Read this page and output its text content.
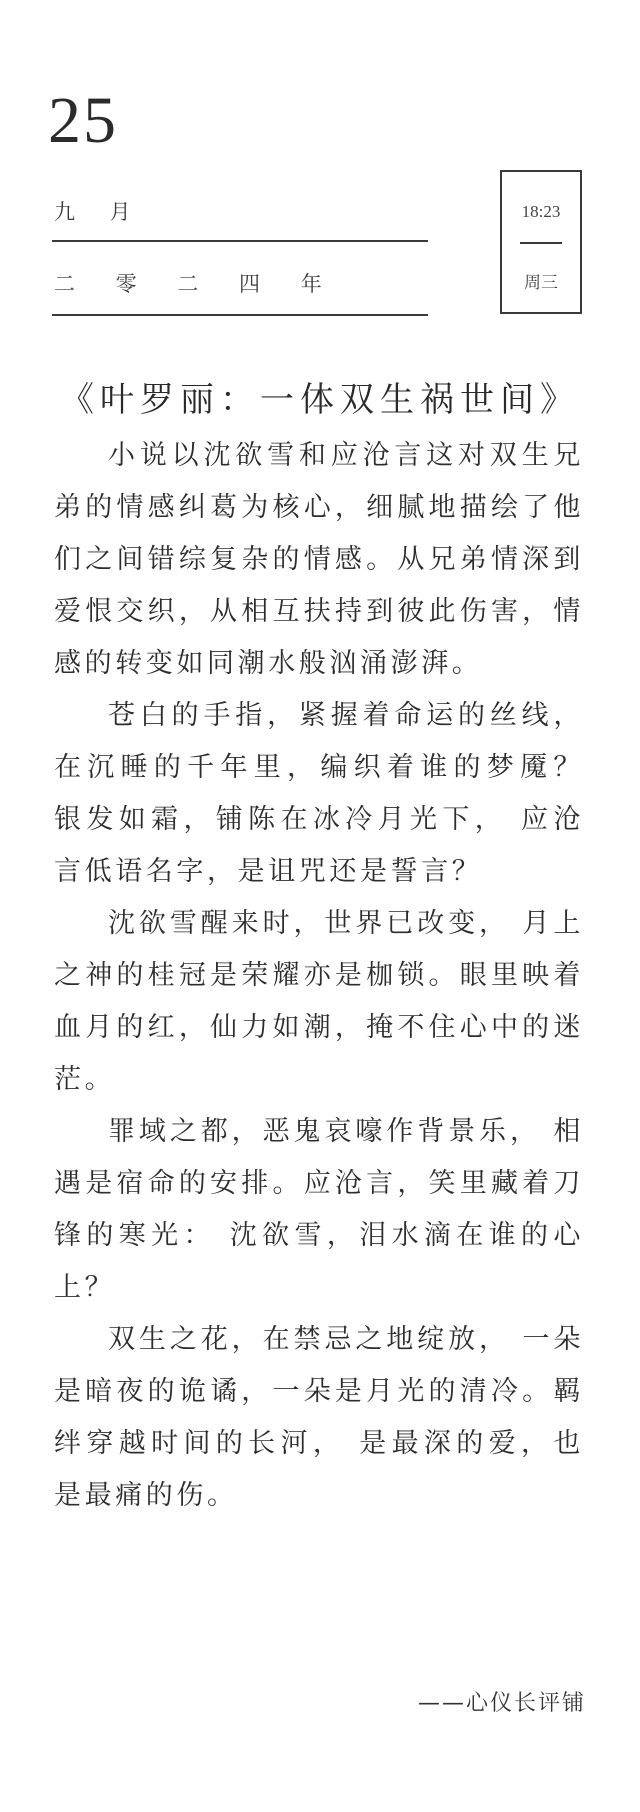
25
九 月
二 零 二 四 年
18:23
周三
《叶罗丽：一体双生祸世间》

小说以沈欲雪和应沧言这对双生兄弟的情感纠葛为核心，细腻地描绘了他们之间错综复杂的情感。从兄弟情深到爱恨交织，从相互扶持到彼此伤害，情感的转变如同潮水般汹涌澎湃。

苍白的手指，紧握着命运的丝线， 在沉睡的千年里，编织着谁的梦魇？ 银发如霜，铺陈在冰冷月光下， 应沧言低语名字，是诅咒还是誓言？

沈欲雪醒来时，世界已改变， 月上之神的桂冠是荣耀亦是枷锁。眼里映着血月的红，仙力如潮，掩不住心中的迷茫。

罪域之都，恶鬼哀嚎作背景乐， 相遇是宿命的安排。应沧言，笑里藏着刀锋的寒光： 沈欲雪，泪水滴在谁的心上？

双生之花，在禁忌之地绽放， 一朵是暗夜的诡谲，一朵是月光的清冷。羁绊穿越时间的长河， 是最深的爱，也是最痛的伤。

——心仪长评铺
